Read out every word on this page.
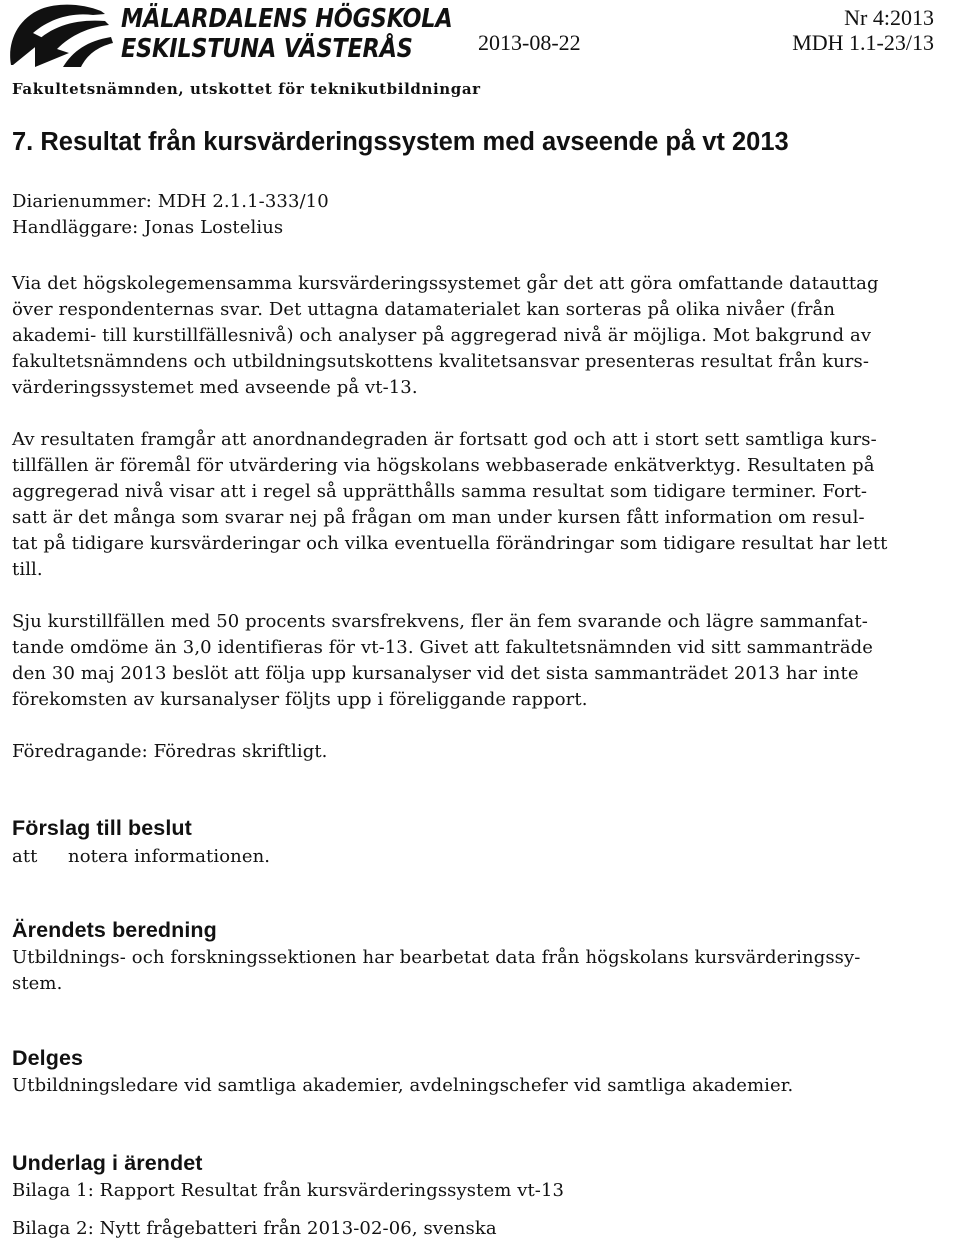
MÄLARDALENS HÖGSKOLA
ESKILSTUNA VÄSTERÅS	2013-08-22
Nr 4:2013
MDH 1.1-23/13
Fakultetsnämnden, utskottet för teknikutbildningar
7. Resultat från kursvärderingssystem med avseende på vt 2013
Diarienummer: MDH 2.1.1-333/10
Handläggare: Jonas Lostelius
Via det högskolegemensamma kursvärderingssystemet går det att göra omfattande datauttag
över respondenternas svar. Det uttagna datamaterialet kan sorteras på olika nivåer (från
akademi- till kurstillfällesnivå) och analyser på aggregerad nivå är möjliga. Mot bakgrund av
fakultetsnämndens och utbildningsutskottens kvalitetsansvar presenteras resultat från kurs-
värderingssystemet med avseende på vt-13.
Av resultaten framgår att anordnandegraden är fortsatt god och att i stort sett samtliga kurs-
tillfällen är föremål för utvärdering via högskolans webbaserade enkätverktyg. Resultaten på
aggregerad nivå visar att i regel så upprätthålls samma resultat som tidigare terminer. Fort-
satt är det många som svarar nej på frågan om man under kursen fått information om resul-
tat på tidigare kursvärderingar och vilka eventuella förändringar som tidigare resultat har lett
till.
Sju kurstillfällen med 50 procents svarsfrekvens, fler än fem svarande och lägre sammanfat-
tande omdöme än 3,0 identifieras för vt-13. Givet att fakultetsnämnden vid sitt sammanträde
den 30 maj 2013 beslöt att följa upp kursanalyser vid det sista sammanträdet 2013 har inte
förekomsten av kursanalyser följts upp i föreliggande rapport.
Föredragande: Föredras skriftligt.
Förslag till beslut
att notera informationen.
Ärendets beredning
Utbildnings- och forskningssektionen har bearbetat data från högskolans kursvärderingssy-
stem.
Delges
Utbildningsledare vid samtliga akademier, avdelningschefer vid samtliga akademier.
Underlag i ärendet
Bilaga 1: Rapport Resultat från kursvärderingssystem vt-13
Bilaga 2: Nytt frågebatteri från 2013-02-06, svenska
